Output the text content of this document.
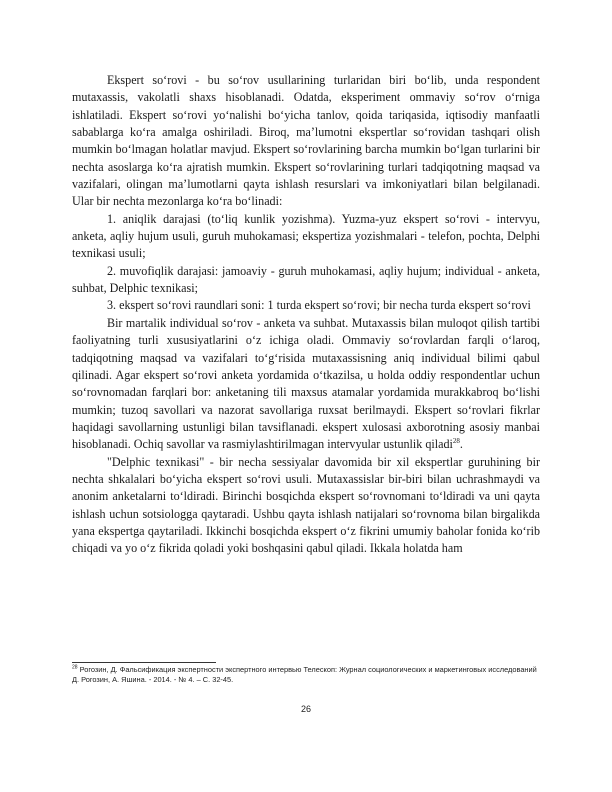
Ekspert so‘rovi - bu so‘rov usullarining turlaridan biri bo‘lib, unda respondent mutaxassis, vakolatli shaxs hisoblanadi. Odatda, eksperiment ommaviy so‘rov o‘rniga ishlatiladi. Ekspert so‘rovi yo‘nalishi bo‘yicha tanlov, qoida tariqasida, iqtisodiy manfaatli sabablarga ko‘ra amalga oshiriladi. Biroq, ma’lumotni ekspertlar so‘rovidan tashqari olish mumkin bo‘lmagan holatlar mavjud. Ekspert so‘rovlarining barcha mumkin bo‘lgan turlarini bir nechta asoslarga ko‘ra ajratish mumkin. Ekspert so‘rovlarining turlari tadqiqotning maqsad va vazifalari, olingan ma’lumotlarni qayta ishlash resurslari va imkoniyatlari bilan belgilanadi. Ular bir nechta mezonlarga ko‘ra bo‘linadi:

1. aniqlik darajasi (to‘liq kunlik yozishma). Yuzma-yuz ekspert so‘rovi - intervyu, anketa, aqliy hujum usuli, guruh muhokamasi; ekspertiza yozishmalari - telefon, pochta, Delphi texnikasi usuli;

2. muvofiqlik darajasi: jamoaviy - guruh muhokamasi, aqliy hujum; individual - anketa, suhbat, Delphic texnikasi;

3. ekspert so‘rovi raundlari soni: 1 turda ekspert so‘rovi; bir necha turda ekspert so‘rovi

Bir martalik individual so‘rov - anketa va suhbat. Mutaxassis bilan muloqot qilish tartibi faoliyatning turli xususiyatlarini o‘z ichiga oladi. Ommaviy so‘rovlardan farqli o‘laroq, tadqiqotning maqsad va vazifalari to‘g‘risida mutaxassisning aniq individual bilimi qabul qilinadi. Agar ekspert so‘rovi anketa yordamida o‘tkazilsa, u holda oddiy respondentlar uchun so‘rovnomadan farqlari bor: anketaning tili maxsus atamalar yordamida murakkabroq bo‘lishi mumkin; tuzoq savollari va nazorat savollariga ruxsat berilmaydi. Ekspert so‘rovlari fikrlar haqidagi savollarning ustunligi bilan tavsiflanadi. ekspert xulosasi axborotning asosiy manbai hisoblanadi. Ochiq savollar va rasmiylashtirilmagan intervyular ustunlik qiladi$^{28}$.

"Delphic texnikasi" - bir necha sessiyalar davomida bir xil ekspertlar guruhining bir nechta shkalalari bo‘yicha ekspert so‘rovi usuli. Mutaxassislar bir-biri bilan uchrashmaydi va anonim anketalarni to‘ldiradi. Birinchi bosqichda ekspert so‘rovnomani to‘ldiradi va uni qayta ishlash uchun sotsiologga qaytaradi. Ushbu qayta ishlash natijalari so‘rovnoma bilan birgalikda yana ekspertga qaytariladi. Ikkinchi bosqichda ekspert o‘z fikrini umumiy baholar fonida ko‘rib chiqadi va yo o‘z fikrida qoladi yoki boshqasini qabul qiladi. Ikkala holatda ham

$^{28}$ Рогозин, Д. Фальсификация экспертности экспертного интервью Телескоп: Журнал социологических и маркетинговых исследований Д. Рогозин, А. Яшина. - 2014. - № 4. – С. 32-45.
26
